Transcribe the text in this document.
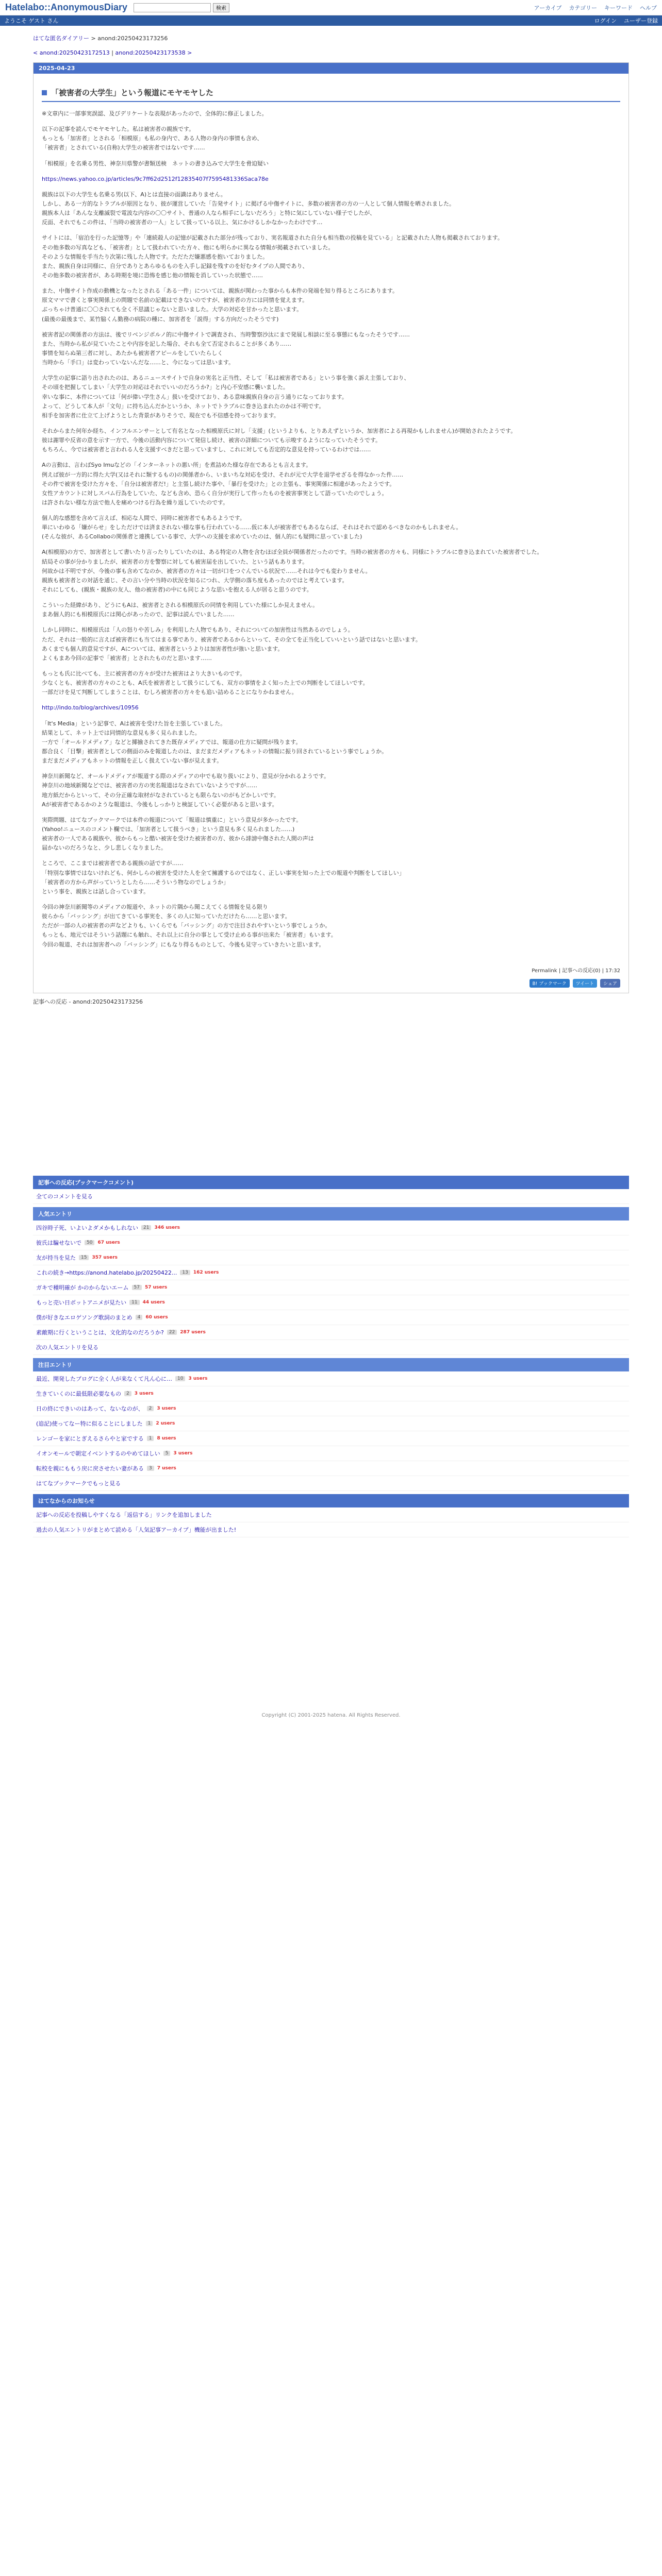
Hatelabo::AnonymousDiary	検索	アーカイブ カテゴリー キーワード ヘルプ
ようこそ ゲスト さん	ログイン ユーザー登録
はてな匿名ダイアリー > anond:20250423173256
< anond:20250423172513 | anond:20250423173538 >
2025-04-23
「被害者の大学生」という報道にモヤモヤした

※文章内に一部事実誤認、及びデリケートな表現があったので、全体的に修正しました。

以下の記事を読んでモヤモヤした。私は被害者の親族です。
もっとも「加害者」とされる「相模原」も私の身内で、ある人物の身内の事情も含め、
「被害者」とされている(自称)大学生の被害者ではないです……

「相模原」を名乗る男性、神奈川県警が書類送検　ネットの書き込みで大学生を脅迫疑い

https://news.yahoo.co.jp/articles/9c7ff62d2512f12835407f7595481336Saca78e

親族は以下の大学生も名乗る男(以下、A)とは直接の面識はありません。
しかし、ある一方的なトラブルが原因となり、彼が運営していた「告発サイト」に掲げる中傷サイトに、多数の被害者の方の一人として個人情報を晒されました。
親族本人は「あんな支離滅裂で電波な内容の〇〇サイト、普通の人なら相手にしないだろう」と特に気にしていない様子でしたが、
反面、それでもこの件は、「当時の被害者の一人」として扱っている以上、気にかけるしかなかったわけです…

サイトには、「宿泊を行った記憶等」や「連続殺人の記憶が記載された部分が残っており、実名報道された自分も相当数の投稿を見ている」と記載された人物も掲載されております。
その他多数の写真なども、「被害者」として扱われていた方々、他にも明らかに異なる情報が掲載されていました。
そのような情報を手当たり次第に残した人物です。ただただ嫌悪感を抱いておりました。
また、親族自身は同様に、自分でありとあらゆるものを入手し記録を残すのを好むタイプの人間であり、
その他多数の被害者が、ある時期を境に恐怖を感じ他の情報を消していった状態で……

また、中傷サイト作成の動機となったとされる「ある一件」については、親族が関わった事からも本件の発端を知り得るところにあります。
原文ママで書くと事実関係上の問題で名前の記載はできないのですが、被害者の方には同情を覚えます。
ぶっちゃけ普通に〇〇されても全く不思議じゃないと思いました。大学の対応を甘かったと思います。
(最後の最後まで、某竹脇くん勤務の病院の種に、加害者を「説得」する方向だったそうです)

被害者記の関係者の方法は、後でリベンジポルノ的に中傷サイトで調査され、当時警察沙汰にまで発展し相談に至る事態にもなったそうです……
また、当時から私が見ていたことや内容を記した場合、それも全て否定されることが多くあり……
事情を知らぬ第三者に対し、あたかも被害者アピールをしていたらしく
当時から「手口」は変わっていないんだな……と、今になっては思います。

大学生の記事に語り出されたのは、あるニュースサイトで自身の実名と正当性、そして「私は被害者である」という事を強く訴え主張しており、
その頃を把握してしまい「大学生の対応はそれでいいのだろうか?」と内心不安感に襲いました。
幸いな事に、本件については「何が偉い学生さん」扱いを受けており、ある意味親族自身の言う通りになっております。
よって、どうして本人が「文句」に持ち込んだかというか、ネットでトラブルに巻き込まれたのかは不明です。
相手を加害者に仕立て上げようとした背景がありそうで、現在でも不信感を持っております。

それからまた何年か経ち、インフルエンサーとして有名となった相模原氏に対し「支援」(というよりも、とりあえずというか、加害者による再現かもしれません)が開始されたようです。
彼は謝罪や反省の意を示す一方で、今後の活動内容について発信し続け、被害の詳細についても示唆するようになっていたそうです。
もちろん、今では被害者と言われる人を支援すべきだと思っていますし、これに対しても否定的な意見を持っているわけでは……

Aの言動は、言わばSyo Imuなどの「インターネットの悪い所」を煮詰めた様な存在であるとも言えます。
例えば彼が一方的に得た大学(又はそれに類するもの)の関係者から、いまいちな対応を受け、それが元で大学を退学せざるを得なかった件……
その件で被害を受けた方々を、「自分は被害者だ!」と主張し続けた事や、「暴行を受けた」との主張も、事実関係に相違があったようです。
女性アカウントに対しスパム行為をしていた、なども含め、恐らく自分が実行して作ったものを被害事実として語っていたのでしょう。
は許されない様な方法で他人を痛めつける行為を繰り返していたのです。

個人的な感想を含めて言えば、相応な人間で、同時に被害者でもあるようです。
単にいわゆる「嫌がらせ」をしただけでは済まされない様な事も行われている……仮に本人が被害者でもあるならば、それはそれで認めるべきなのかもしれません。
(そんな彼が、あるCollaboの関係者と連携している事で、大学への支援を求めていたのは、個人的にも疑問に思っていました)

A(相模原)の方で、加害者として書いたり言ったりしていたのは、ある特定の人物を含むほぼ全員が関係者だったのです。当時の被害者の方々も、同様にトラブルに巻き込まれていた被害者でした。
結局その事が分かりましたが、被害者の方を警察に対しても被害届を出していた、という話もあります。
何故かは不明ですが、今後の事も含めてなのか、被害者の方々は一切が口をつぐんでいる状況で……それは今でも変わりません。
親族も被害者との対話を通じ、その言い分や当時の状況を知るにつれ、大学側の落ち度もあったのではと考えています。
それにしても、(親族・親族の友人、他の被害者)の中にも同じような思いを抱える人が居ると思うのです。

こういった経緯があり、どうにもAは、被害者とされる相模原氏の同情を利用していた様にしか見えません。
まあ個人的にも相模原氏には関心があったので、記事は読んでいました……

しかし同時に、相模原氏は「人の怒りや苦しみ」を利用した人物でもあり、それについての加害性は当然あるのでしょう。
ただ、それは一般的に言えば被害者にも当てはまる事であり、被害者であるからといって、その全てを正当化していいという話ではないと思います。
あくまでも個人的意見ですが、Aについては、被害者というよりは加害者性が強いと思います。
よくもまあ今回の記事で「被害者」とされたものだと思います……

もっとも氏に比べても、主に被害者の方々が受けた被害はより大きいものです。
少なくとも、被害者の方々のことも、A氏を被害者として扱うにしても、双方の事情をよく知った上での判断をしてほしいです。
一部だけを見て判断してしまうことは、むしろ被害者の方々をも追い詰めることになりかねません。

http://indo.to/blog/archives/10956

「It's Media」という記事で、Aは被害を受けた旨を主張していました。
結果として、ネット上では同情的な意見も多く見られました。
一方で「オールドメディア」などと揶揄されてきた既存メディアでは、報道の仕方に疑問が残ります。
都合良く「目撃」被害者としての側面のみを報道したのは、まだまだメディアもネットの情報に振り回されているという事でしょうか。
まだまだメディアもネットの情報を正しく扱えていない事が見えます。

神奈川新聞など、オールドメディアが報道する際のメディアの中でも取り扱いにより、意見が分かれるようです。
神奈川の地域新聞などでは、被害者の方の実名報道はなされていないようですが……
地方紙だからといって、その分正確な取材がなされているとも限らないのがもどかしいです。
Aが被害者であるかのような報道は、今後もしっかりと検証していく必要があると思います。

実際問題、はてなブックマークでは本件の報道について「報道は慎重に」という意見が多かったです。
(Yahoo!ニュースのコメント欄では、「加害者として扱うべき」という意見も多く見られました……)
被害者の一人である親族や、彼からもっと酷い被害を受けた被害者の方、彼から誹謗中傷された人間の声は
届かないのだろうなと、少し悲しくなりました。

ところで、ここまでは被害者である親族の話ですが……
「特別な事情ではないけれども、何かしらの被害を受けた人を全て擁護するのではなく、正しい事実を知った上での報道や判断をしてほしい」
「被害者の方から声がっていうとしたら……そういう物なのでしょうか」
という事を、親族とは話し合っています。

今回の神奈川新聞等のメディアの報道や、ネットの片隅から聞こえてくる情報を見る限り
彼らから「バッシング」が出てきている事実を、多くの人に知っていただけたら……と思います。
ただが一部の人の被害者の声などよりも、いくらでも「バッシング」の方で注目されやすいという事でしょうか。
もっとも、地元ではそういう話題にも触れ、それ以上に自分の事として受け止める事が出来た「被害者」もいます。
今回の報道、それは加害者への「バッシング」にもなり得るものとして、今後も見守っていきたいと思います。

Permalink | 記事への反応(0) | 17:32
B! ブックマーク	ツイート	シェア
記事への反応 - anond:20250423173256
記事への反応(ブックマークコメント)
全てのコメントを見る
人気エントリ
四谷時子死、いよいよダメかもしれない	21	346 users
彼氏は騙せないで	50	67 users
友が持当を見た	15	357 users
これの続き→https://anond.hatelabo.jp/20250422...	13	162 users
ガキで種明確が かのからないエーム	57	57 users
もっと売い日ボットアニメが見たい	11	44 users
僕が好きなエロゲソング歌詞のまとめ	4	60 users
素敵期に行くということは、文化的なのだろうか?	22	287 users
次の人気エントリを見る
注目エントリ
最近、開発したブログに全く人が来なくて凡ん心に…	10	3 users
生きていくのに最低限必要なもの	2	3 users
日の終にできいのはあって、ないなのが、	2	3 users
(追記)使ってなー特に似ることにしました	1	2 users
レンゴーを家にとぎえるさらやと家でする	1	8 users
イオンモールで朝定イベントするのやめてほしい	5	3 users
転校を親にももう戻に戻させたい妻がある	3	7 users
はてなブックマークでもっと見る
はてなからのお知らせ
記事への反応を投稿しやすくなる「返信する」リンクを追加しました
過去の人気エントリがまとめて読める「人気記事アーカイブ」機能が出ました!
Copyright (C) 2001-2025 hatena. All Rights Reserved.
